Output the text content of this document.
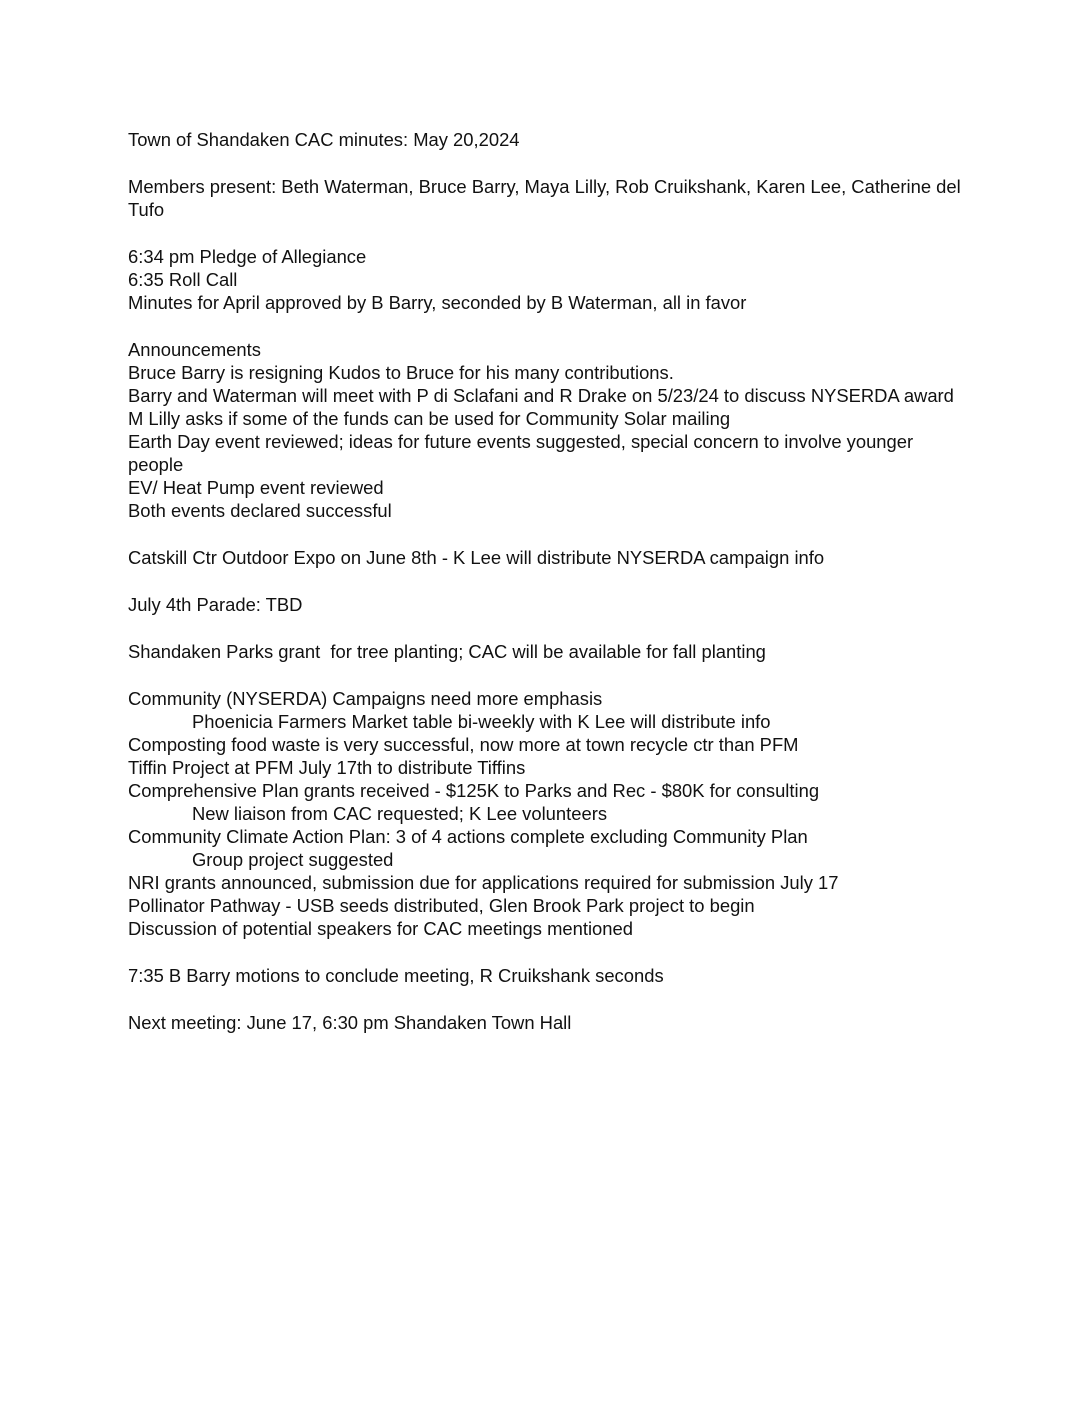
Town of Shandaken CAC minutes: May 20,2024
Members present: Beth Waterman, Bruce Barry, Maya Lilly, Rob Cruikshank, Karen Lee, Catherine del Tufo
6:34 pm Pledge of Allegiance
6:35 Roll Call
Minutes for April approved by B Barry, seconded by B Waterman, all in favor
Announcements
Bruce Barry is resigning Kudos to Bruce for his many contributions.
Barry and Waterman will meet with P di Sclafani and R Drake on 5/23/24 to discuss NYSERDA award
M Lilly asks if some of the funds can be used for Community Solar mailing
Earth Day event reviewed; ideas for future events suggested, special concern to involve younger people
EV/ Heat Pump event reviewed
Both events declared successful
Catskill Ctr Outdoor Expo on June 8th - K Lee will distribute NYSERDA campaign info
July 4th Parade: TBD
Shandaken Parks grant  for tree planting; CAC will be available for fall planting
Community (NYSERDA) Campaigns need more emphasis
Phoenicia Farmers Market table bi-weekly with K Lee will distribute info
Composting food waste is very successful, now more at town recycle ctr than PFM
Tiffin Project at PFM July 17th to distribute Tiffins
Comprehensive Plan grants received - $125K to Parks and Rec - $80K for consulting
New liaison from CAC requested; K Lee volunteers
Community Climate Action Plan: 3 of 4 actions complete excluding Community Plan
Group project suggested
NRI grants announced, submission due for applications required for submission July 17
Pollinator Pathway - USB seeds distributed, Glen Brook Park project to begin
Discussion of potential speakers for CAC meetings mentioned
7:35 B Barry motions to conclude meeting, R Cruikshank seconds
Next meeting: June 17, 6:30 pm Shandaken Town Hall
